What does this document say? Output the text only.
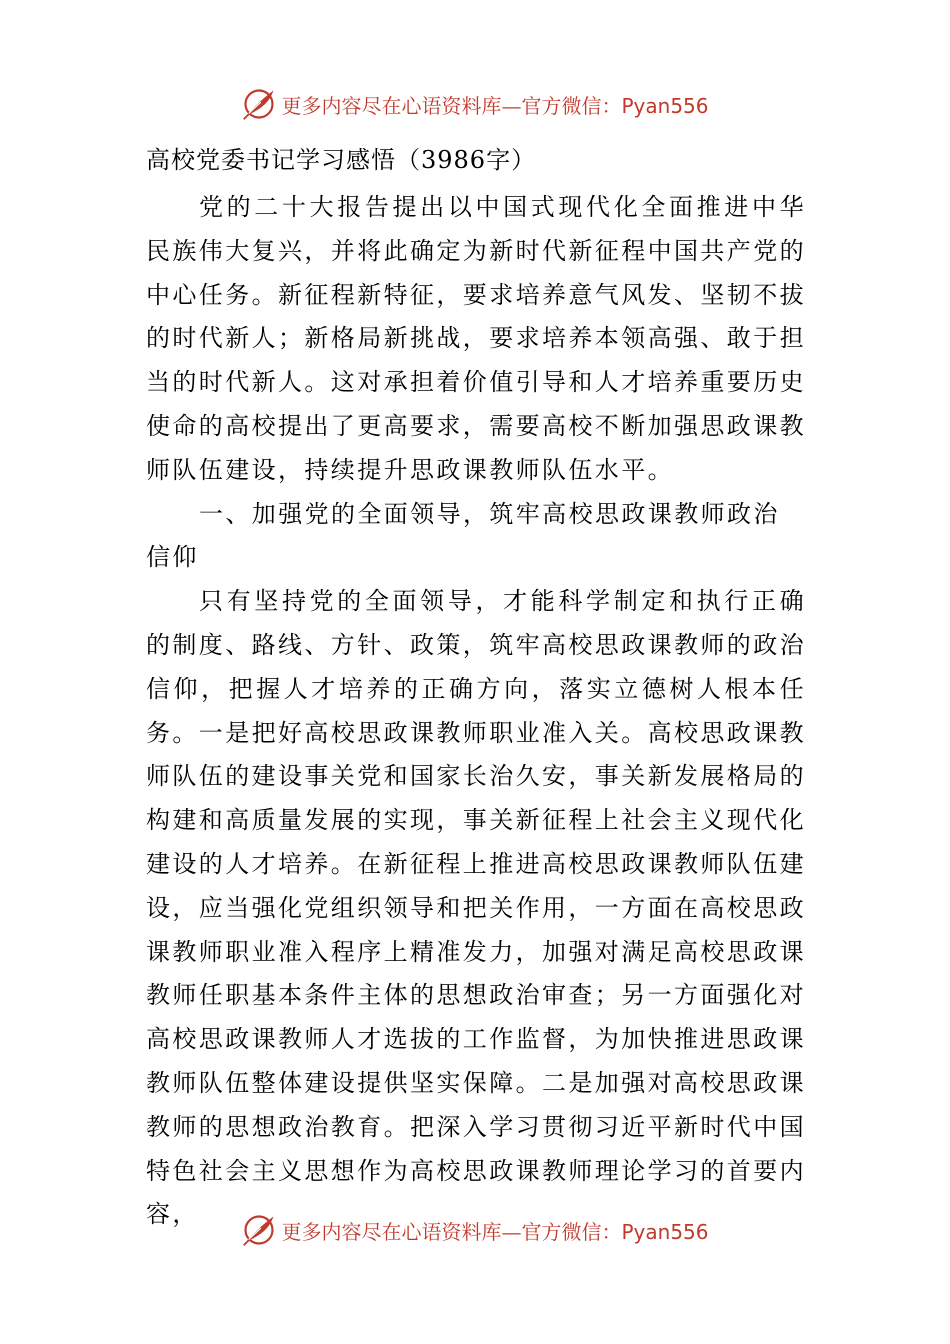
更多内容尽在心语资料库—官方微信：Pyan556
高校党委书记学习感悟（3986字）

党的二十大报告提出以中国式现代化全面推进中华民族伟大复兴，并将此确定为新时代新征程中国共产党的中心任务。新征程新特征，要求培养意气风发、坚韧不拔的时代新人；新格局新挑战，要求培养本领高强、敢于担当的时代新人。这对承担着价值引导和人才培养重要历史使命的高校提出了更高要求，需要高校不断加强思政课教师队伍建设，持续提升思政课教师队伍水平。

一、加强党的全面领导，筑牢高校思政课教师政治信仰

只有坚持党的全面领导，才能科学制定和执行正确的制度、路线、方针、政策，筑牢高校思政课教师的政治信仰，把握人才培养的正确方向，落实立德树人根本任务。一是把好高校思政课教师职业准入关。高校思政课教师队伍的建设事关党和国家长治久安，事关新发展格局的构建和高质量发展的实现，事关新征程上社会主义现代化建设的人才培养。在新征程上推进高校思政课教师队伍建设，应当强化党组织领导和把关作用，一方面在高校思政课教师职业准入程序上精准发力，加强对满足高校思政课教师任职基本条件主体的思想政治审查；另一方面强化对高校思政课教师人才选拔的工作监督，为加快推进思政课教师队伍整体建设提供坚实保障。二是加强对高校思政课教师的思想政治教育。把深入学习贯彻习近平新时代中国特色社会主义思想作为高校思政课教师理论学习的首要内容，

更多内容尽在心语资料库—官方微信：Pyan556
